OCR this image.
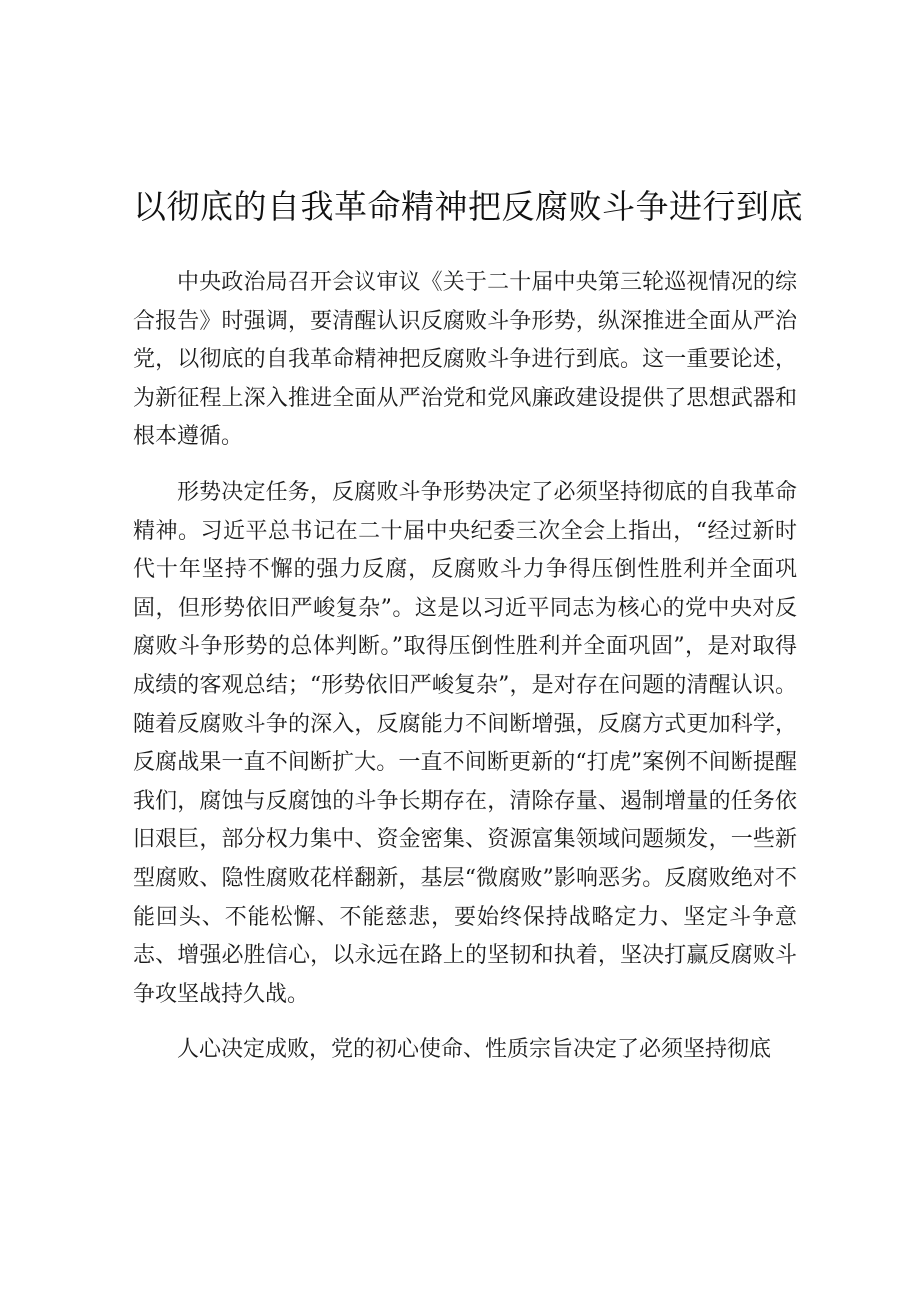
以彻底的自我革命精神把反腐败斗争进行到底

中央政治局召开会议审议《关于二十届中央第三轮巡视情况的综合报告》时强调，要清醒认识反腐败斗争形势，纵深推进全面从严治党，以彻底的自我革命精神把反腐败斗争进行到底。这一重要论述，为新征程上深入推进全面从严治党和党风廉政建设提供了思想武器和根本遵循。

形势决定任务，反腐败斗争形势决定了必须坚持彻底的自我革命精神。习近平总书记在二十届中央纪委三次全会上指出，“经过新时代十年坚持不懈的强力反腐，反腐败斗力争得压倒性胜利并全面巩固，但形势依旧严峻复杂”。这是以习近平同志为核心的党中央对反腐败斗争形势的总体判断。”取得压倒性胜利并全面巩固”，是对取得成绩的客观总结；“形势依旧严峻复杂”，是对存在问题的清醒认识。随着反腐败斗争的深入，反腐能力不间断增强，反腐方式更加科学，反腐战果一直不间断扩大。一直不间断更新的“打虎”案例不间断提醒我们，腐蚀与反腐蚀的斗争长期存在，清除存量、遏制增量的任务依旧艰巨，部分权力集中、资金密集、资源富集领域问题频发，一些新型腐败、隐性腐败花样翻新，基层“微腐败”影响恶劣。反腐败绝对不能回头、不能松懈、不能慈悲，要始终保持战略定力、坚定斗争意志、增强必胜信心，以永远在路上的坚韧和执着，坚决打赢反腐败斗争攻坚战持久战。

人心决定成败，党的初心使命、性质宗旨决定了必须坚持彻底
